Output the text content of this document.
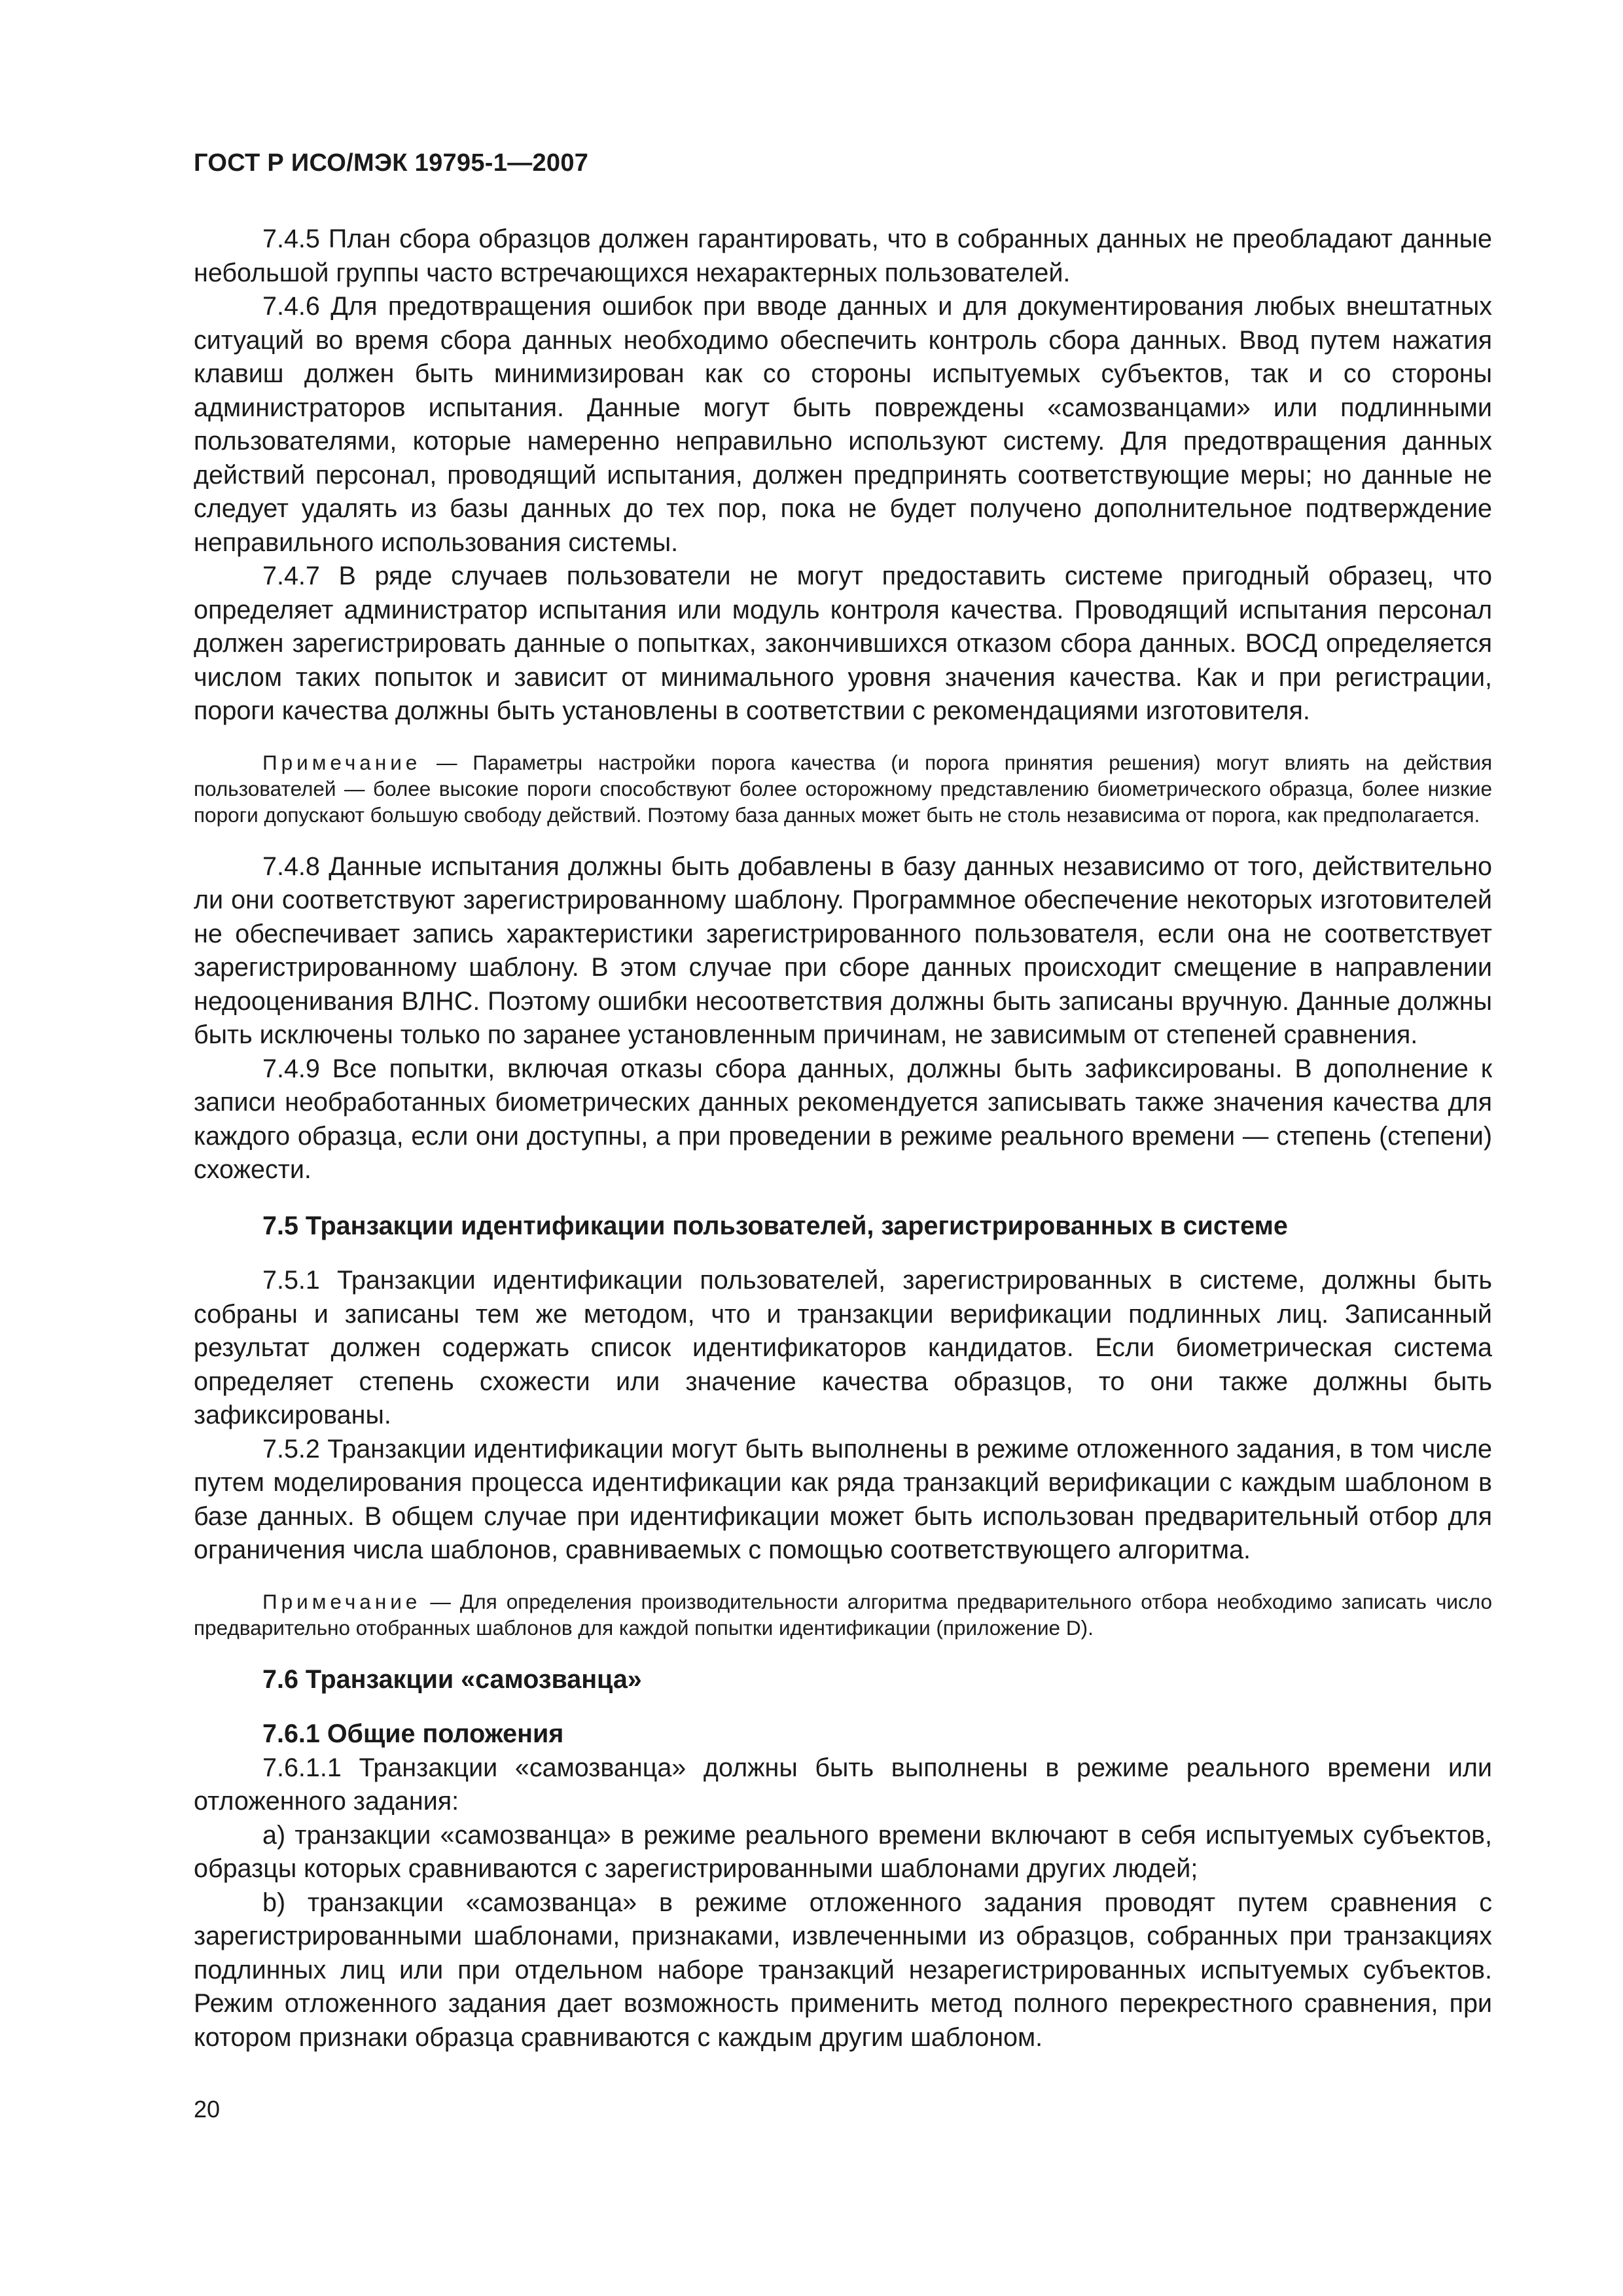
ГОСТ Р ИСО/МЭК 19795-1—2007

7.4.5 План сбора образцов должен гарантировать, что в собранных данных не преобладают данные небольшой группы часто встречающихся нехарактерных пользователей.

7.4.6 Для предотвращения ошибок при вводе данных и для документирования любых внештатных ситуаций во время сбора данных необходимо обеспечить контроль сбора данных. Ввод путем нажатия клавиш должен быть минимизирован как со стороны испытуемых субъектов, так и со стороны администраторов испытания. Данные могут быть повреждены «самозванцами» или подлинными пользователями, которые намеренно неправильно используют систему. Для предотвращения данных действий персонал, проводящий испытания, должен предпринять соответствующие меры; но данные не следует удалять из базы данных до тех пор, пока не будет получено дополнительное подтверждение неправильного использования системы.

7.4.7 В ряде случаев пользователи не могут предоставить системе пригодный образец, что определяет администратор испытания или модуль контроля качества. Проводящий испытания персонал должен зарегистрировать данные о попытках, закончившихся отказом сбора данных. ВОСД определяется числом таких попыток и зависит от минимального уровня значения качества. Как и при регистрации, пороги качества должны быть установлены в соответствии с рекомендациями изготовителя.

Примечание — Параметры настройки порога качества (и порога принятия решения) могут влиять на действия пользователей — более высокие пороги способствуют более осторожному представлению биометрического образца, более низкие пороги допускают большую свободу действий. Поэтому база данных может быть не столь независима от порога, как предполагается.

7.4.8 Данные испытания должны быть добавлены в базу данных независимо от того, действительно ли они соответствуют зарегистрированному шаблону. Программное обеспечение некоторых изготовителей не обеспечивает запись характеристики зарегистрированного пользователя, если она не соответствует зарегистрированному шаблону. В этом случае при сборе данных происходит смещение в направлении недооценивания ВЛНС. Поэтому ошибки несоответствия должны быть записаны вручную. Данные должны быть исключены только по заранее установленным причинам, не зависимым от степеней сравнения.

7.4.9 Все попытки, включая отказы сбора данных, должны быть зафиксированы. В дополнение к записи необработанных биометрических данных рекомендуется записывать также значения качества для каждого образца, если они доступны, а при проведении в режиме реального времени — степень (степени) схожести.

7.5 Транзакции идентификации пользователей, зарегистрированных в системе

7.5.1 Транзакции идентификации пользователей, зарегистрированных в системе, должны быть собраны и записаны тем же методом, что и транзакции верификации подлинных лиц. Записанный результат должен содержать список идентификаторов кандидатов. Если биометрическая система определяет степень схожести или значение качества образцов, то они также должны быть зафиксированы.

7.5.2 Транзакции идентификации могут быть выполнены в режиме отложенного задания, в том числе путем моделирования процесса идентификации как ряда транзакций верификации с каждым шаблоном в базе данных. В общем случае при идентификации может быть использован предварительный отбор для ограничения числа шаблонов, сравниваемых с помощью соответствующего алгоритма.

Примечание — Для определения производительности алгоритма предварительного отбора необходимо записать число предварительно отобранных шаблонов для каждой попытки идентификации (приложение D).

7.6 Транзакции «самозванца»

7.6.1 Общие положения

7.6.1.1 Транзакции «самозванца» должны быть выполнены в режиме реального времени или отложенного задания:

a) транзакции «самозванца» в режиме реального времени включают в себя испытуемых субъектов, образцы которых сравниваются с зарегистрированными шаблонами других людей;

b) транзакции «самозванца» в режиме отложенного задания проводят путем сравнения с зарегистрированными шаблонами, признаками, извлеченными из образцов, собранных при транзакциях подлинных лиц или при отдельном наборе транзакций незарегистрированных испытуемых субъектов. Режим отложенного задания дает возможность применить метод полного перекрестного сравнения, при котором признаки образца сравниваются с каждым другим шаблоном.

20
